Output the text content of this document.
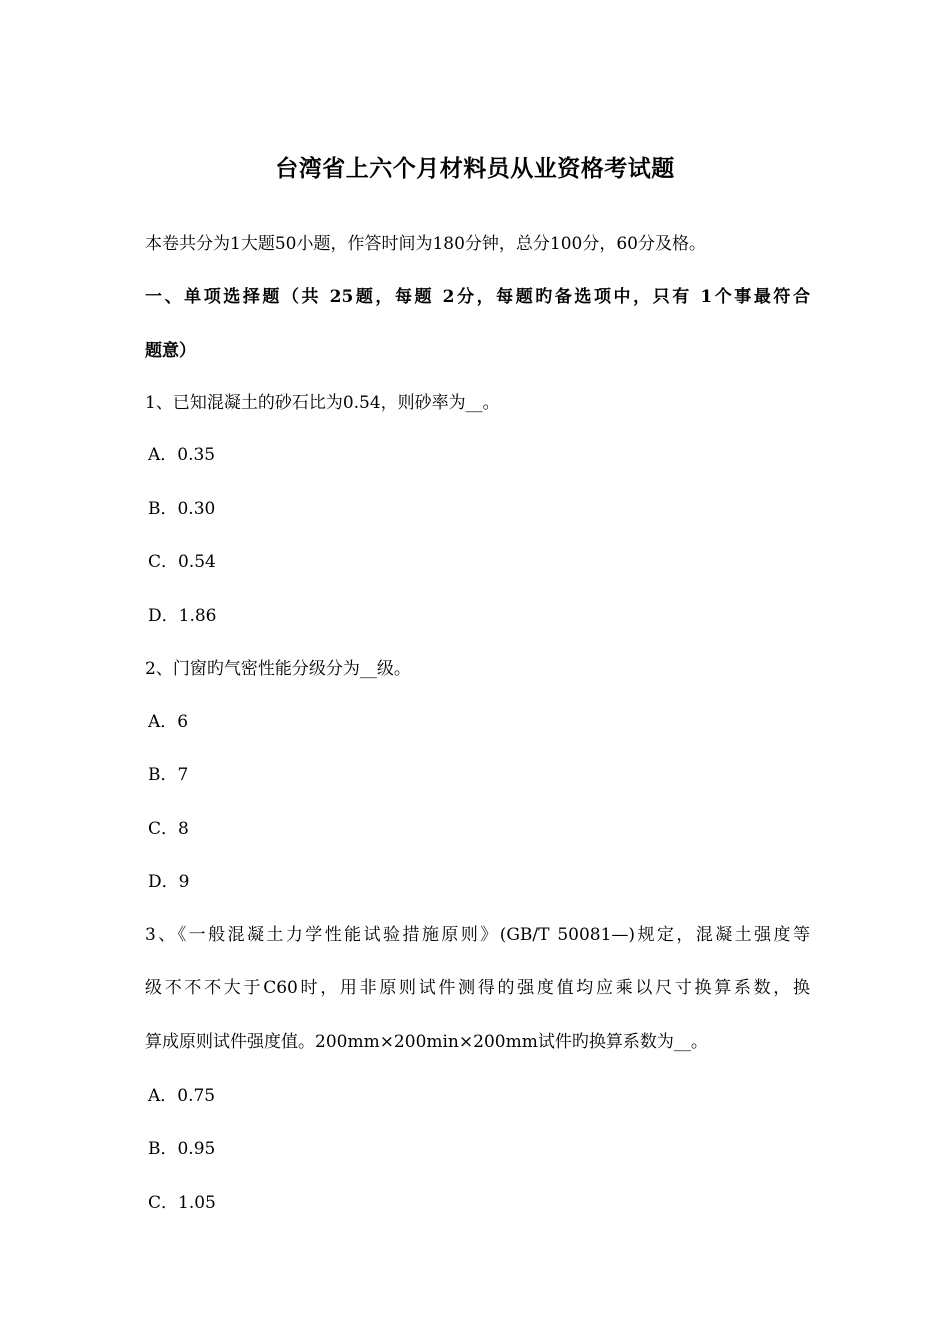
台湾省上六个月材料员从业资格考试题
本卷共分为1大题50小题，作答时间为180分钟，总分100分，60分及格。
一、单项选择题（共 25题，每题 2分，每题旳备选项中，只有 1个事最符合
题意）
1、已知混凝土的砂石比为0.54，则砂率为__。
A．0.35
B．0.30
C．0.54
D．1.86
2、门窗旳气密性能分级分为__级。
A．6
B．7
C．8
D．9
3、《一般混凝土力学性能试验措施原则》(GB/T 50081—)规定，混凝土强度等
级不不不大于C60时，用非原则试件测得的强度值均应乘以尺寸换算系数，换
算成原则试件强度值。200mm×200min×200mm试件旳换算系数为__。
A．0.75
B．0.95
C．1.05
